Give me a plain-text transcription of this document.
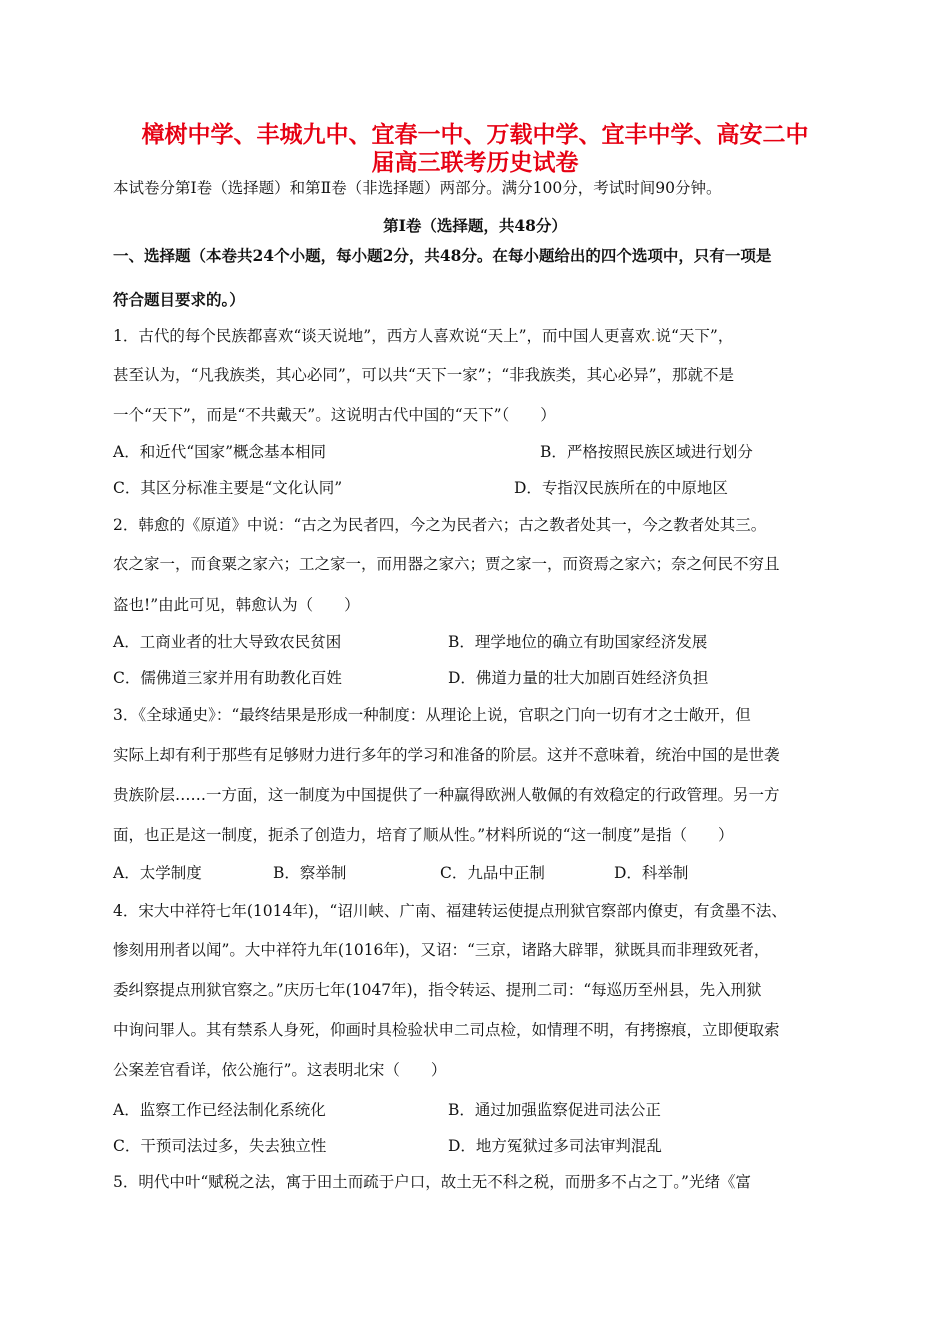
樟树中学、丰城九中、宜春一中、万载中学、宜丰中学、高安二中
届高三联考历史试卷
本试卷分第Ⅰ卷（选择题）和第Ⅱ卷（非选择题）两部分。满分100分，考试时间90分钟。
第Ⅰ卷（选择题，共48分）
一、选择题（本卷共24个小题，每小题2分，共48分。在每小题给出的四个选项中，只有一项是
符合题目要求的。）
1．古代的每个民族都喜欢“谈天说地”，西方人喜欢说“天上”，而中国人更喜欢.说“天下”，
甚至认为，“凡我族类，其心必同”，可以共“天下一家”；“非我族类，其心必异”，那就不是
一个“天下”，而是“不共戴天”。这说明古代中国的“天下”（　　）
A．和近代“国家”概念基本相同	B．严格按照民族区域进行划分
C．其区分标准主要是“文化认同”	D．专指汉民族所在的中原地区
2．韩愈的《原道》中说：“古之为民者四，今之为民者六；古之教者处其一，今之教者处其三。
农之家一，而食粟之家六；工之家一，而用器之家六；贾之家一，而资焉之家六；奈之何民不穷且
盗也!”由此可见，韩愈认为（　　）
A．工商业者的壮大导致农民贫困	B．理学地位的确立有助国家经济发展
C．儒佛道三家并用有助教化百姓	D．佛道力量的壮大加剧百姓经济负担
3．《全球通史》：“最终结果是形成一种制度：从理论上说，官职之门向一切有才之士敞开，但
实际上却有利于那些有足够财力进行多年的学习和准备的阶层。这并不意味着，统治中国的是世袭
贵族阶层……一方面，这一制度为中国提供了一种赢得欧洲人敬佩的有效稳定的行政管理。另一方
面，也正是这一制度，扼杀了创造力，培育了顺从性。”材料所说的“这一制度”是指（　　）
A．太学制度	B．察举制	C．九品中正制	D．科举制
4．宋大中祥符七年(1014年)，“诏川峡、广南、福建转运使提点刑狱官察部内僚吏，有贪墨不法、
惨刻用刑者以闻”。大中祥符九年(1016年)，又诏：“三京，诸路大辟罪，狱既具而非理致死者，
委纠察提点刑狱官察之。”庆历七年(1047年)，指令转运、提刑二司：“每巡历至州县，先入刑狱
中询问罪人。其有禁系人身死，仰画时具检验状申二司点检，如情理不明，有拷擦痕，立即便取索
公案差官看详，依公施行”。这表明北宋（　　）
A．监察工作已经法制化系统化	B．通过加强监察促进司法公正
C．干预司法过多，失去独立性	D．地方冤狱过多司法审判混乱
5．明代中叶“赋税之法，寓于田土而疏于户口，故土无不科之税，而册多不占之丁。”光绪《富
